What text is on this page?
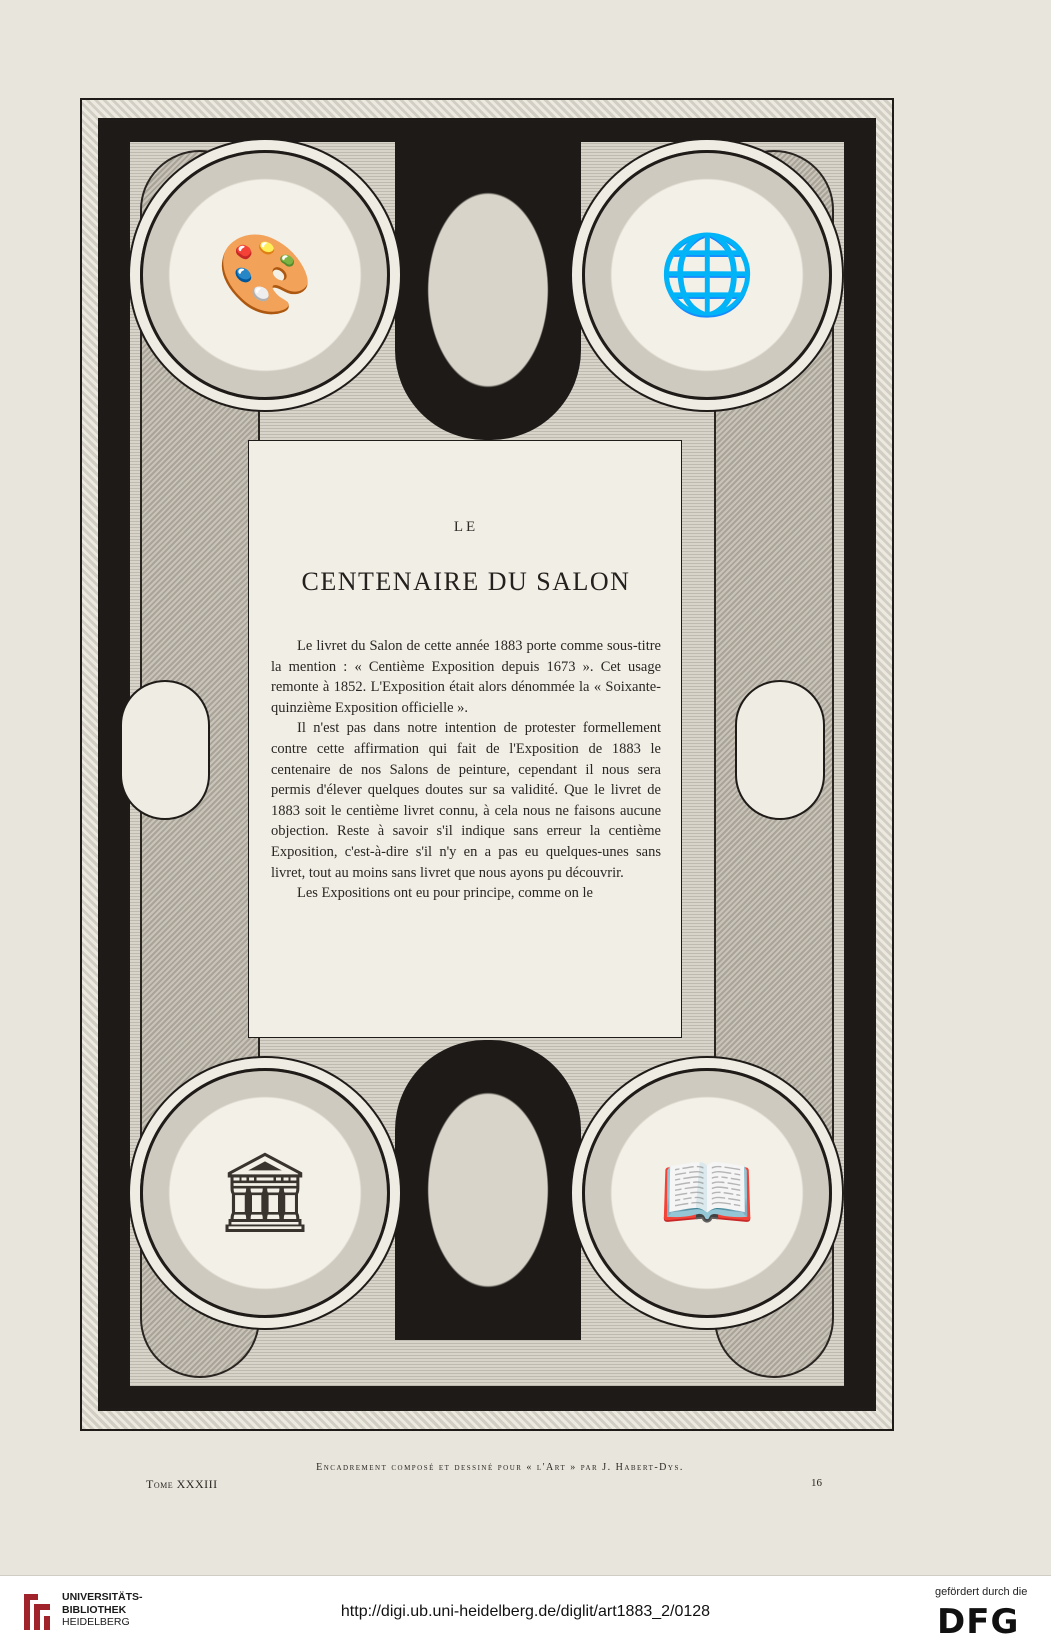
🎨	🌐
🏛	📖
LE
CENTENAIRE DU SALON

Le livret du Salon de cette année 1883 porte comme sous-titre la mention : « Centième Exposition depuis 1673 ». Cet usage remonte à 1852. L'Exposition était alors dénommée la « Soixante-quinzième Exposition officielle ».

Il n'est pas dans notre intention de protester formellement contre cette affirmation qui fait de l'Exposition de 1883 le centenaire de nos Salons de peinture, cependant il nous sera permis d'élever quelques doutes sur sa validité. Que le livret de 1883 soit le centième livret connu, à cela nous ne faisons aucune objection. Reste à savoir s'il indique sans erreur la centième Exposition, c'est-à-dire s'il n'y en a pas eu quelques-unes sans livret, tout au moins sans livret que nous ayons pu découvrir.

Les Expositions ont eu pour principe, comme on le

Encadrement composé et dessiné pour « l'Art » par J. Habert-Dys.
Tome XXXIII	16
UNIVERSITÄTS-
BIBLIOTHEK
HEIDELBERG
http://digi.ub.uni-heidelberg.de/diglit/art1883_2/0128
gefördert durch die
DFG
